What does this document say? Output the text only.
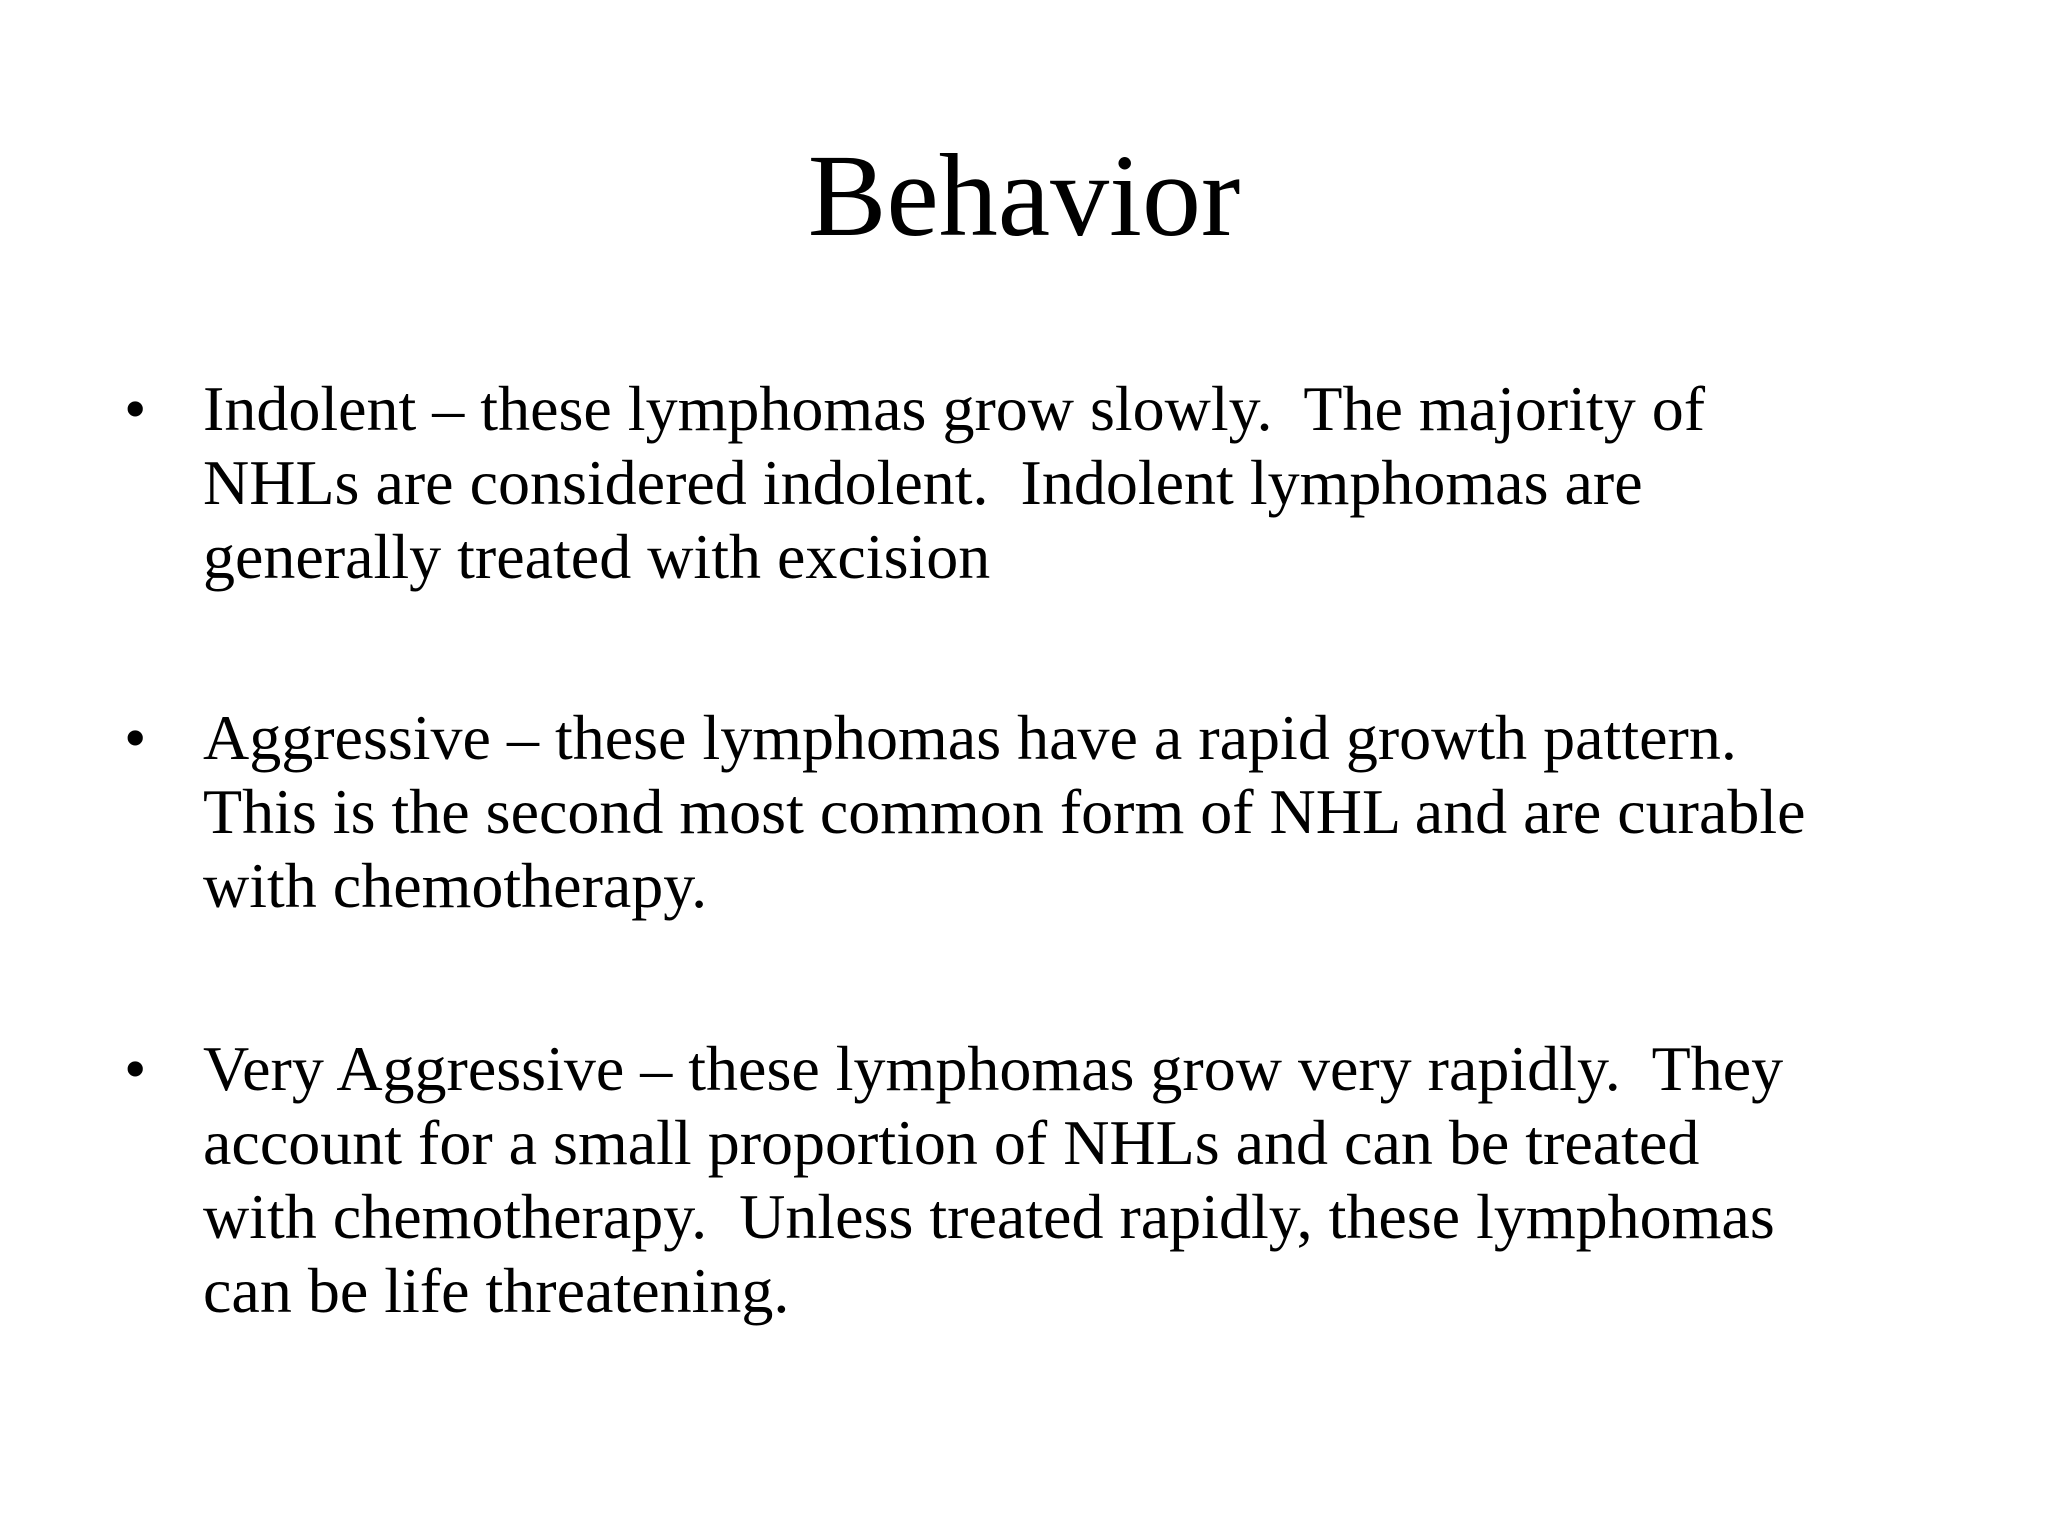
Behavior
• Indolent – these lymphomas grow slowly.  The majority of
NHLs are considered indolent.  Indolent lymphomas are
generally treated with excision
• Aggressive – these lymphomas have a rapid growth pattern.
This is the second most common form of NHL and are curable
with chemotherapy.
• Very Aggressive – these lymphomas grow very rapidly.  They
account for a small proportion of NHLs and can be treated
with chemotherapy.  Unless treated rapidly, these lymphomas
can be life threatening.
